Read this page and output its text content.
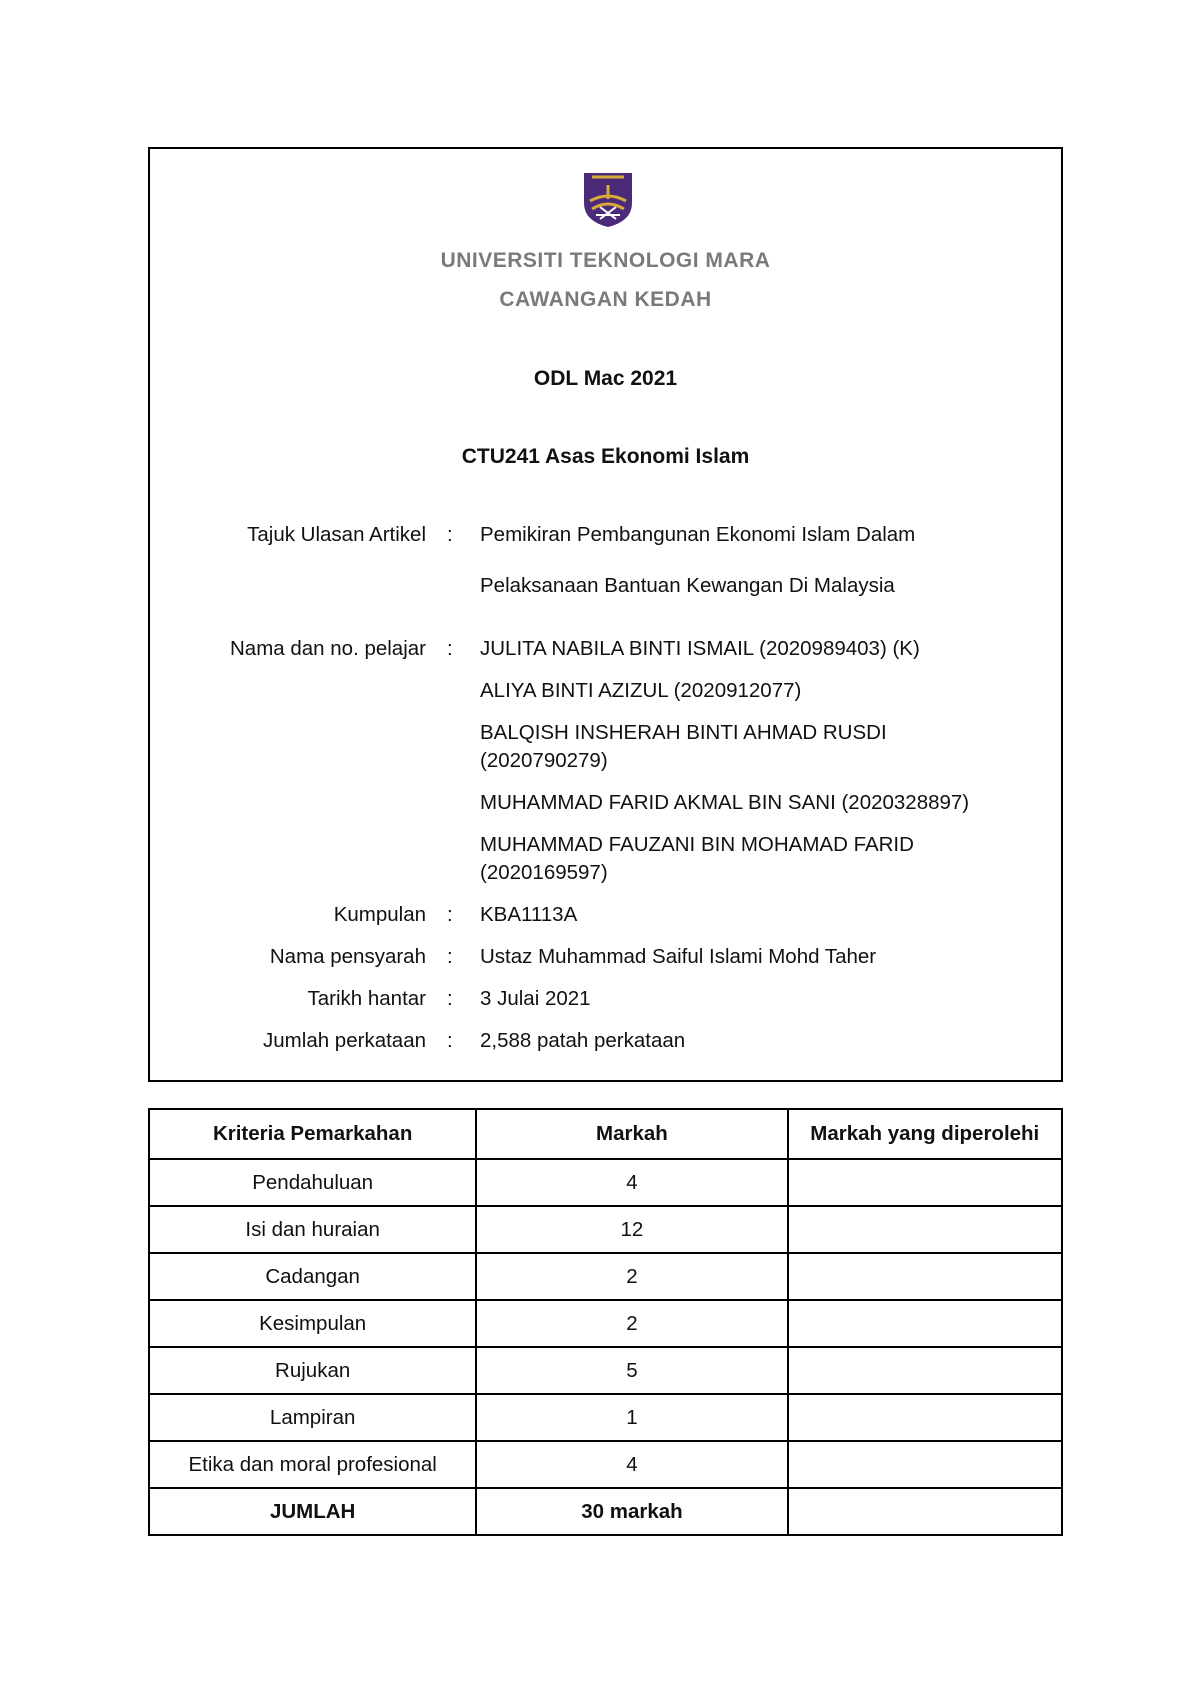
UNIVERSITI TEKNOLOGI MARA
CAWANGAN KEDAH
ODL Mac 2021
CTU241 Asas Ekonomi Islam
Tajuk Ulasan Artikel : Pemikiran Pembangunan Ekonomi Islam Dalam
Pelaksanaan Bantuan Kewangan Di Malaysia
Nama dan no. pelajar : JULITA NABILA BINTI ISMAIL (2020989403) (K)
ALIYA BINTI AZIZUL (2020912077)
BALQISH INSHERAH BINTI AHMAD RUSDI (2020790279)
MUHAMMAD FARID AKMAL BIN SANI (2020328897)
MUHAMMAD FAUZANI BIN MOHAMAD FARID (2020169597)
Kumpulan : KBA1113A
Nama pensyarah : Ustaz Muhammad Saiful Islami Mohd Taher
Tarikh hantar : 3 Julai 2021
Jumlah perkataan : 2,588 patah perkataan
Kriteria Pemarkahan	Markah	Markah yang diperolehi
Pendahuluan	4	
Isi dan huraian	12	
Cadangan	2	
Kesimpulan	2	
Rujukan	5	
Lampiran	1	
Etika dan moral profesional	4	
JUMLAH	30 markah	
